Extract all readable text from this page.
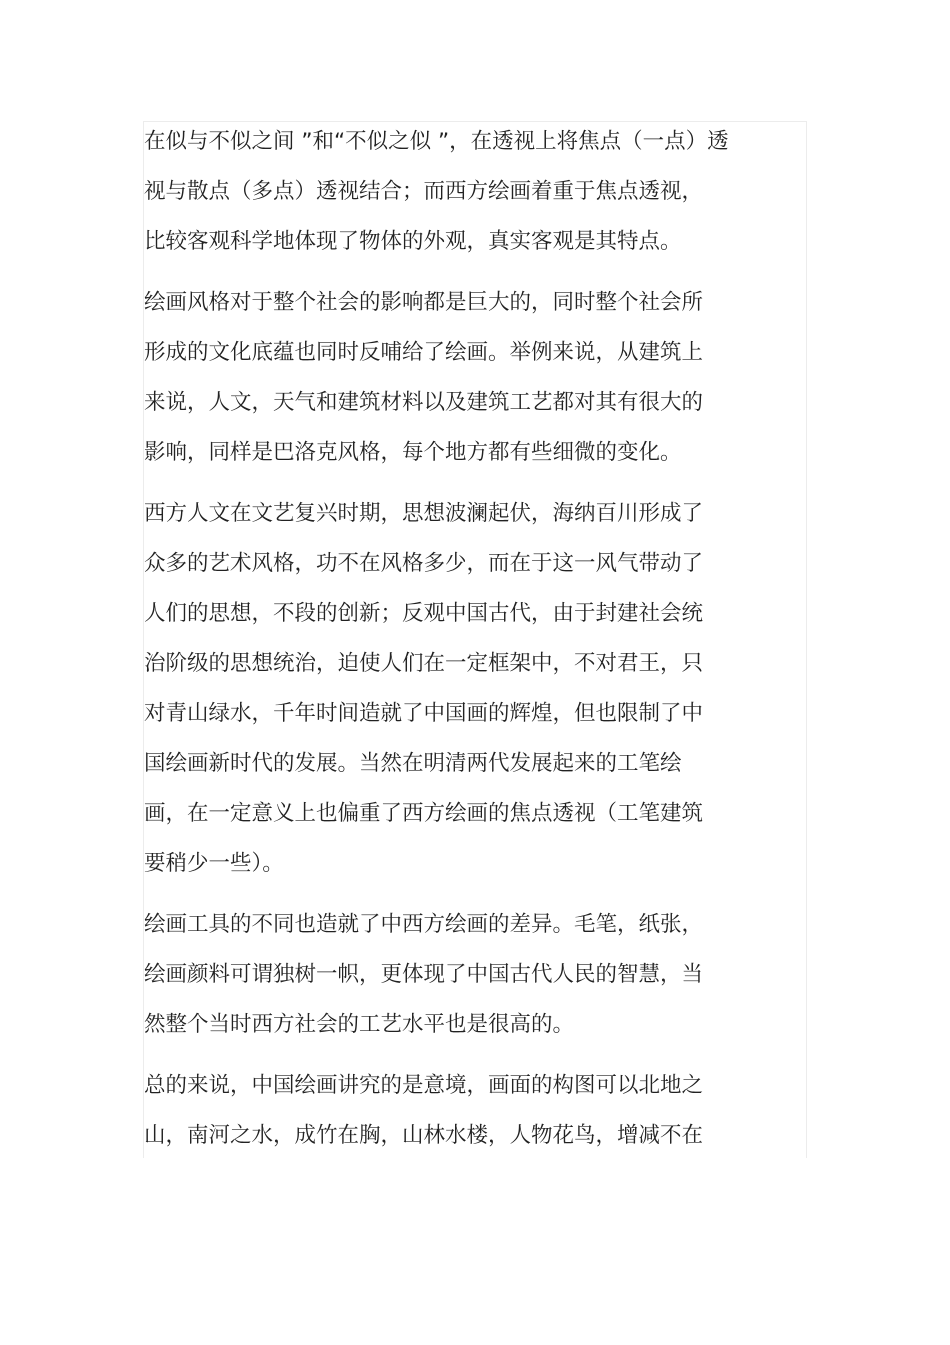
在似与不似之间 ”和“不似之似 ”，在透视上将焦点（一点）透
视与散点（多点）透视结合；而西方绘画着重于焦点透视，
比较客观科学地体现了物体的外观，真实客观是其特点。
绘画风格对于整个社会的影响都是巨大的，同时整个社会所
形成的文化底蕴也同时反哺给了绘画。举例来说，从建筑上
来说，人文，天气和建筑材料以及建筑工艺都对其有很大的
影响，同样是巴洛克风格，每个地方都有些细微的变化。
西方人文在文艺复兴时期，思想波澜起伏，海纳百川形成了
众多的艺术风格，功不在风格多少，而在于这一风气带动了
人们的思想，不段的创新；反观中国古代，由于封建社会统
治阶级的思想统治，迫使人们在一定框架中，不对君王，只
对青山绿水，千年时间造就了中国画的辉煌，但也限制了中
国绘画新时代的发展。当然在明清两代发展起来的工笔绘
画，在一定意义上也偏重了西方绘画的焦点透视（工笔建筑
要稍少一些）。
绘画工具的不同也造就了中西方绘画的差异。毛笔，纸张，
绘画颜料可谓独树一帜，更体现了中国古代人民的智慧，当
然整个当时西方社会的工艺水平也是很高的。
总的来说，中国绘画讲究的是意境，画面的构图可以北地之
山，南河之水，成竹在胸，山林水楼，人物花鸟，增减不在
